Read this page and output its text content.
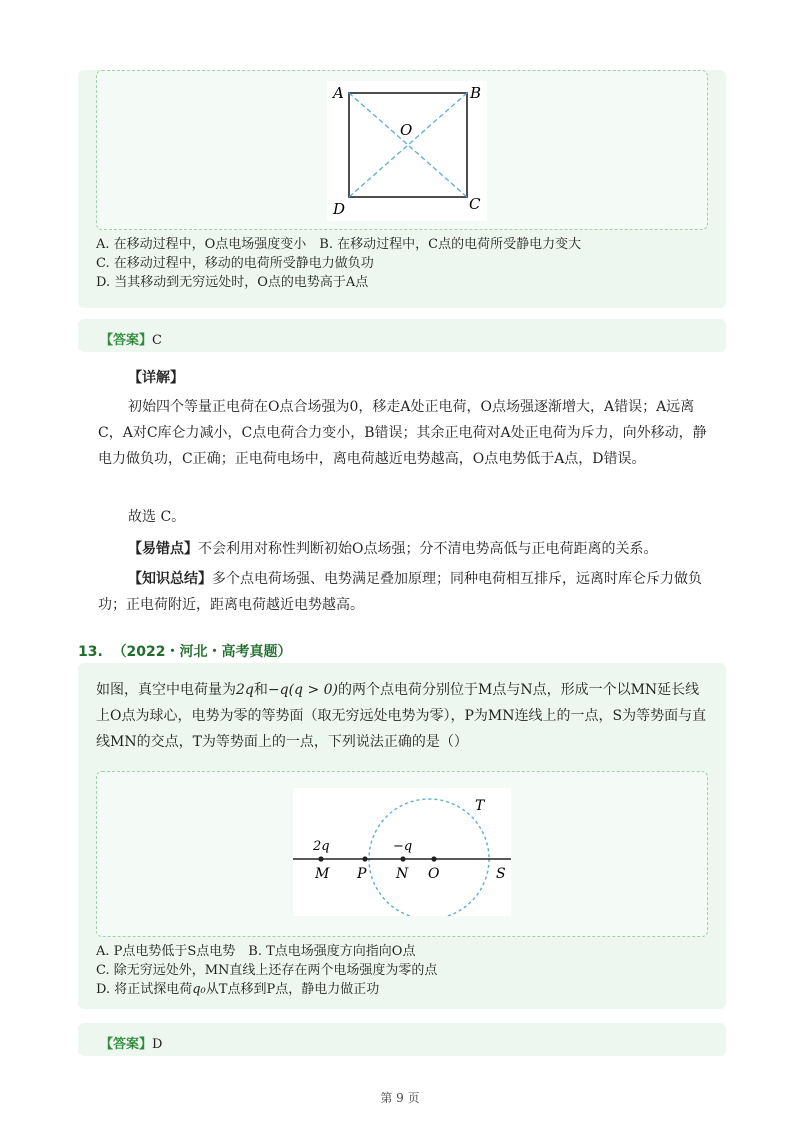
A	B
O
C
D
A. 在移动过程中，O点电场强度变小　B. 在移动过程中，C点的电荷所受静电力变大
C. 在移动过程中，移动的电荷所受静电力做负功
D. 当其移动到无穷远处时，O点的电势高于A点
【答案】C
【详解】
初始四个等量正电荷在O点合场强为0，移走A处正电荷，O点场强逐渐增大，A错误；A远离C，A对C库仑力减小，C点电荷合力变小，B错误；其余正电荷对A处正电荷为斥力，向外移动，静电力做负功，C正确；正电荷电场中，离电荷越近电势越高，O点电势低于A点，D错误。
故选 C。
【易错点】不会利用对称性判断初始O点场强；分不清电势高低与正电荷距离的关系。
【知识总结】多个点电荷场强、电势满足叠加原理；同种电荷相互排斥，远离时库仑斥力做负功；正电荷附近，距离电荷越近电势越高。
13. （2022・河北・高考真题）
如图，真空中电荷量为2q和−q(q > 0)的两个点电荷分别位于M点与N点，形成一个以MN延长线上O点为球心，电势为零的等势面（取无穷远处电势为零），P为MN连线上的一点，S为等势面与直线MN的交点，T为等势面上的一点，下列说法正确的是（）
T
2q	−q
M P N O	S
A. P点电势低于S点电势　B. T点电场强度方向指向O点
C. 除无穷远处外，MN直线上还存在两个电场强度为零的点
D. 将正试探电荷q₀从T点移到P点，静电力做正功
【答案】D
第 9 页
